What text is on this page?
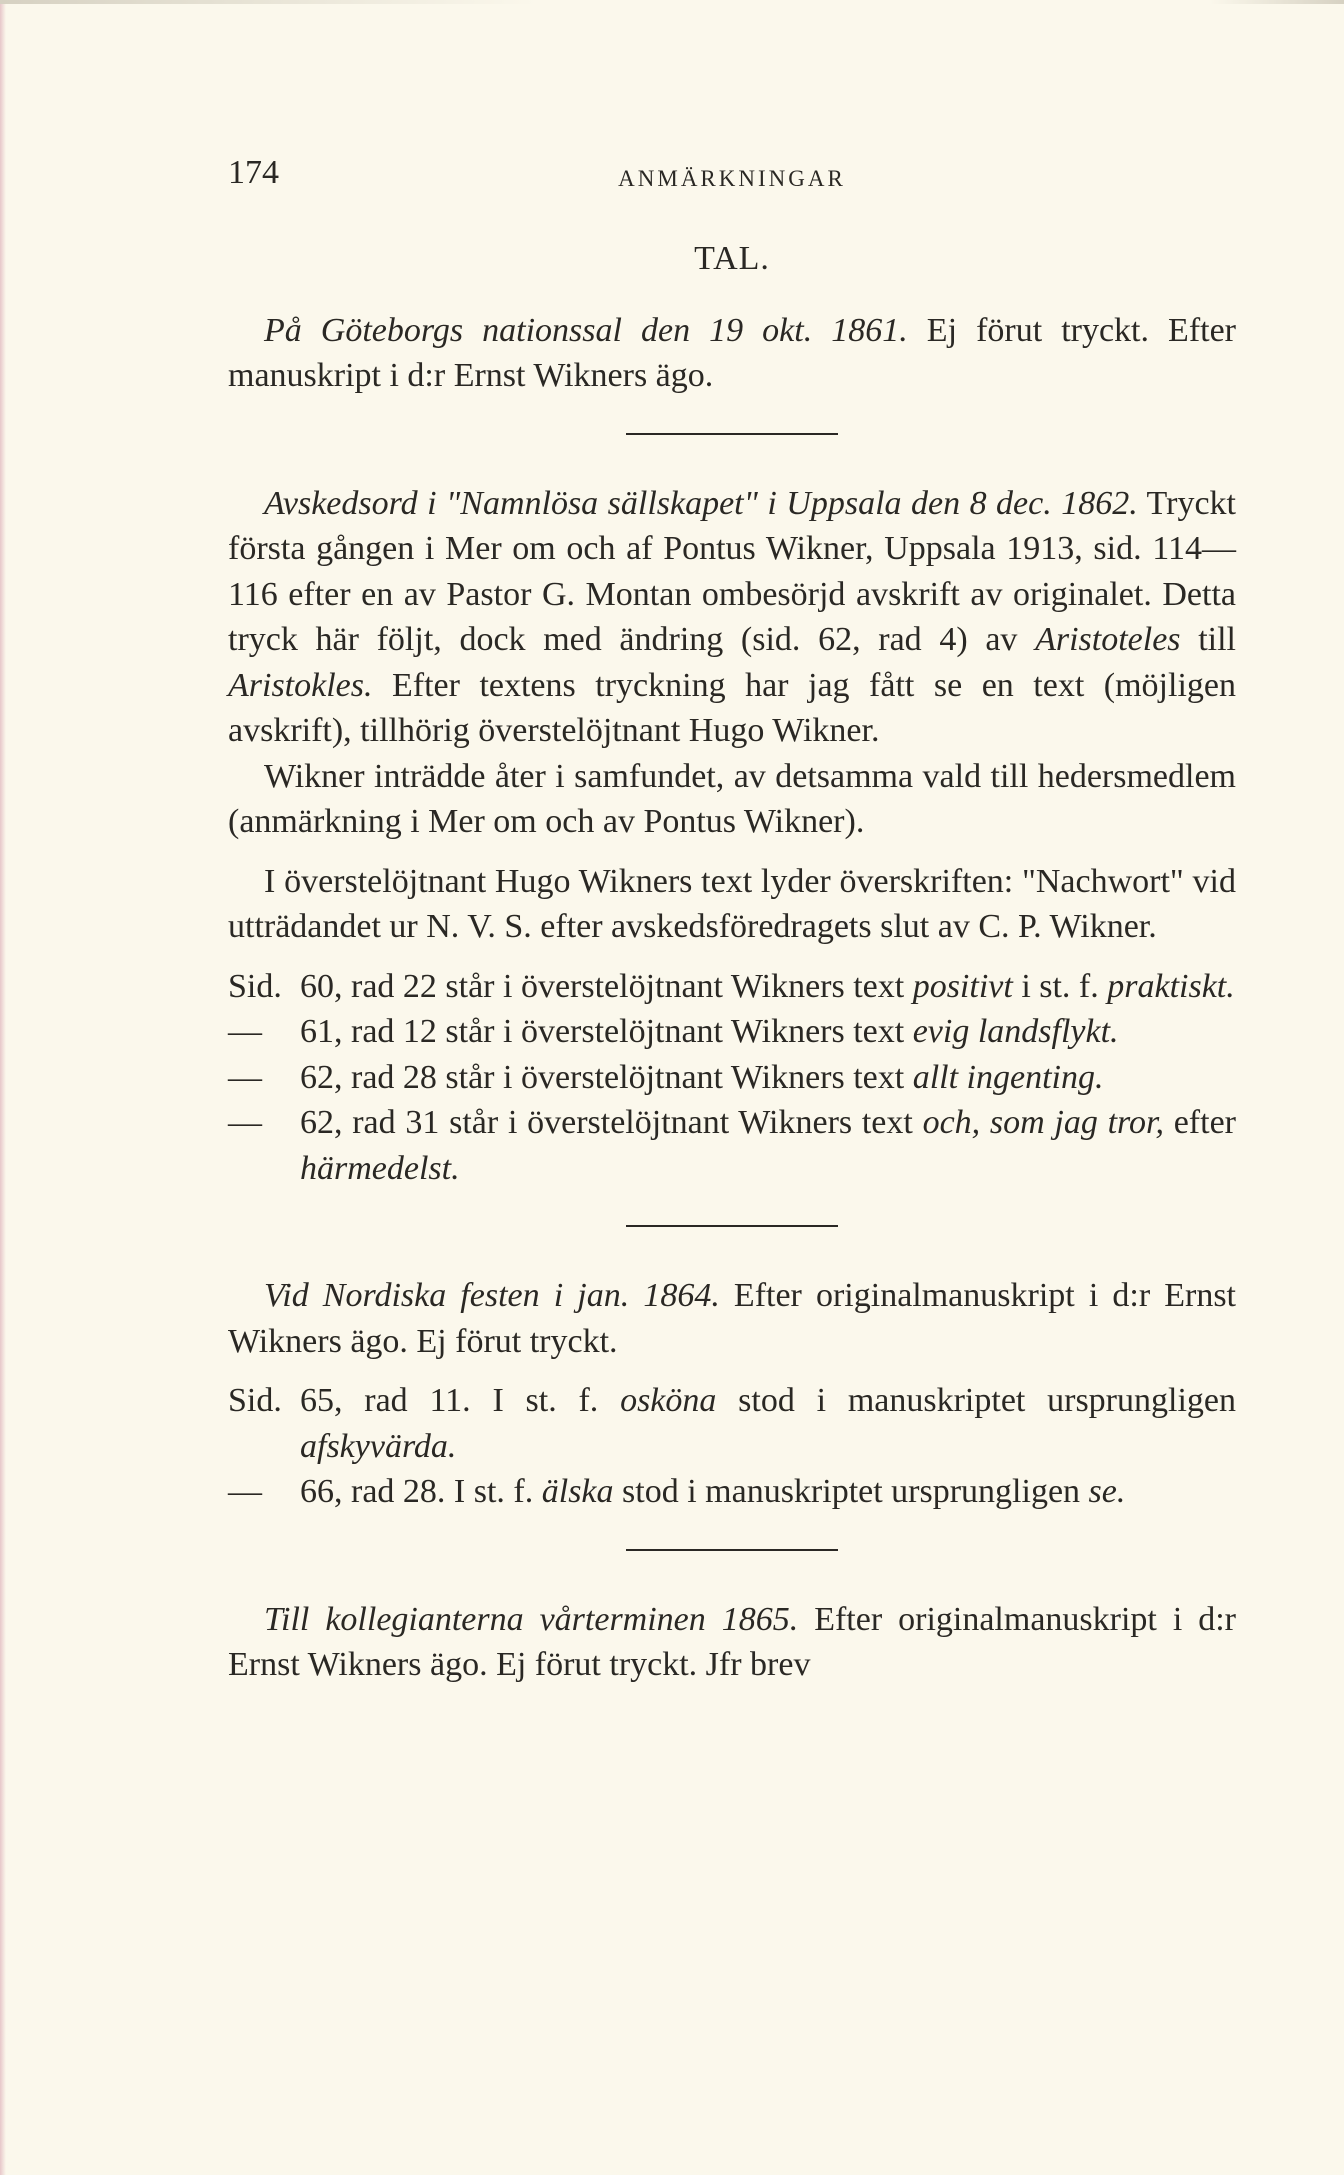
174	ANMÄRKNINGAR
TAL.

På Göteborgs nationssal den 19 okt. 1861. Ej förut tryckt. Efter manuskript i d:r Ernst Wikners ägo.

Avskedsord i "Namnlösa sällskapet" i Uppsala den 8 dec. 1862. Tryckt första gången i Mer om och af Pontus Wikner, Uppsala 1913, sid. 114—116 efter en av Pastor G. Montan ombesörjd avskrift av originalet. Detta tryck här följt, dock med ändring (sid. 62, rad 4) av Aristoteles till Aristokles. Efter textens tryckning har jag fått se en text (möjligen avskrift), tillhörig överstelöjtnant Hugo Wikner.

Wikner inträdde åter i samfundet, av detsamma vald till hedersmedlem (anmärkning i Mer om och av Pontus Wikner).

I överstelöjtnant Hugo Wikners text lyder överskriften: "Nachwort" vid utträdandet ur N. V. S. efter avskedsföredragets slut av C. P. Wikner.

Sid. 60, rad 22 står i överstelöjtnant Wikners text positivt i st. f. praktiskt.
—	61, rad 12 står i överstelöjtnant Wikners text evig landsflykt.
—	62, rad 28 står i överstelöjtnant Wikners text allt ingenting.
—	62, rad 31 står i överstelöjtnant Wikners text och, som jag tror, efter härmedelst.

Vid Nordiska festen i jan. 1864. Efter originalmanuskript i d:r Ernst Wikners ägo. Ej förut tryckt.

Sid. 65, rad 11. I st. f. osköna stod i manuskriptet ursprungligen afskyvärda.
—	66, rad 28. I st. f. älska stod i manuskriptet ursprungligen se.

Till kollegianterna vårterminen 1865. Efter originalmanuskript i d:r Ernst Wikners ägo. Ej förut tryckt. Jfr brev
